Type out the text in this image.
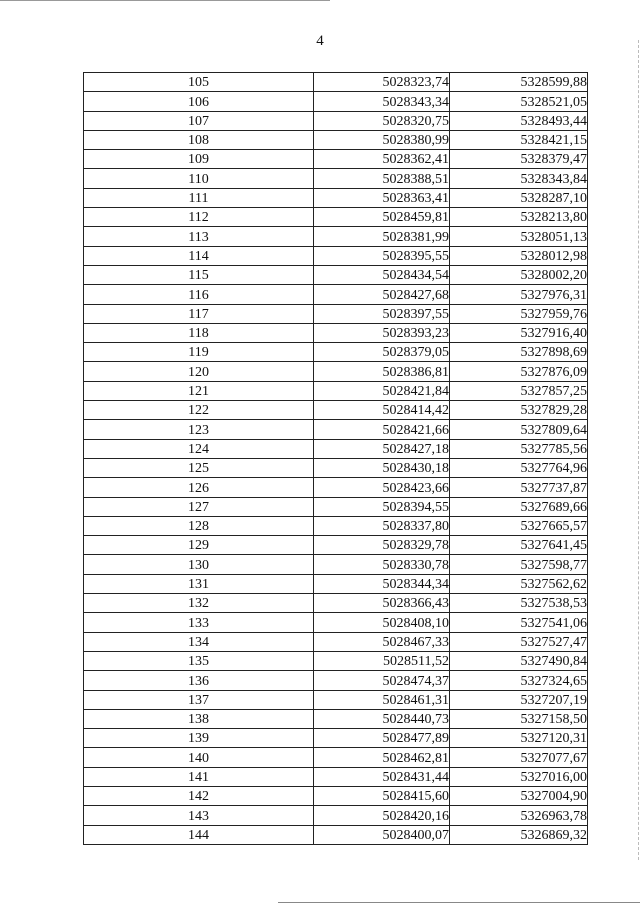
4
105	5028323,74	5328599,88
106	5028343,34	5328521,05
107	5028320,75	5328493,44
108	5028380,99	5328421,15
109	5028362,41	5328379,47
110	5028388,51	5328343,84
111	5028363,41	5328287,10
112	5028459,81	5328213,80
113	5028381,99	5328051,13
114	5028395,55	5328012,98
115	5028434,54	5328002,20
116	5028427,68	5327976,31
117	5028397,55	5327959,76
118	5028393,23	5327916,40
119	5028379,05	5327898,69
120	5028386,81	5327876,09
121	5028421,84	5327857,25
122	5028414,42	5327829,28
123	5028421,66	5327809,64
124	5028427,18	5327785,56
125	5028430,18	5327764,96
126	5028423,66	5327737,87
127	5028394,55	5327689,66
128	5028337,80	5327665,57
129	5028329,78	5327641,45
130	5028330,78	5327598,77
131	5028344,34	5327562,62
132	5028366,43	5327538,53
133	5028408,10	5327541,06
134	5028467,33	5327527,47
135	5028511,52	5327490,84
136	5028474,37	5327324,65
137	5028461,31	5327207,19
138	5028440,73	5327158,50
139	5028477,89	5327120,31
140	5028462,81	5327077,67
141	5028431,44	5327016,00
142	5028415,60	5327004,90
143	5028420,16	5326963,78
144	5028400,07	5326869,32
